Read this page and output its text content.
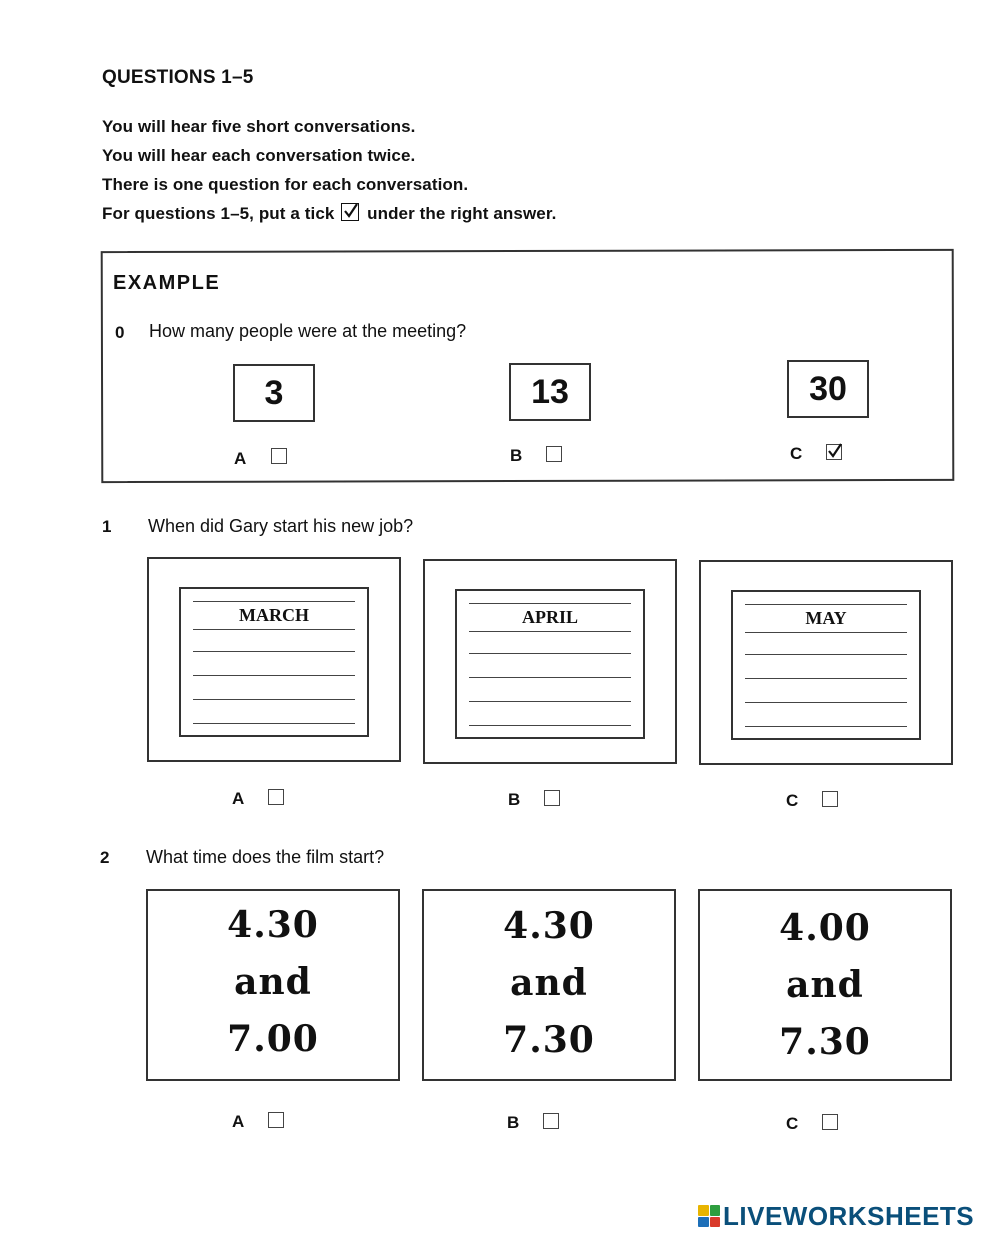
QUESTIONS 1–5
You will hear five short conversations.
You will hear each conversation twice.
There is one question for each conversation.
For questions 1–5, put a tick under the right answer.
EXAMPLE
0 How many people were at the meeting?
3	13	30
A	B	C
1 When did Gary start his new job?
MARCH	APRIL	MAY
A	B	C
2 What time does the film start?
4.30
and
7.00
4.30
and
7.30
4.00
and
7.30
A	B	C
LIVEWORKSHEETS
